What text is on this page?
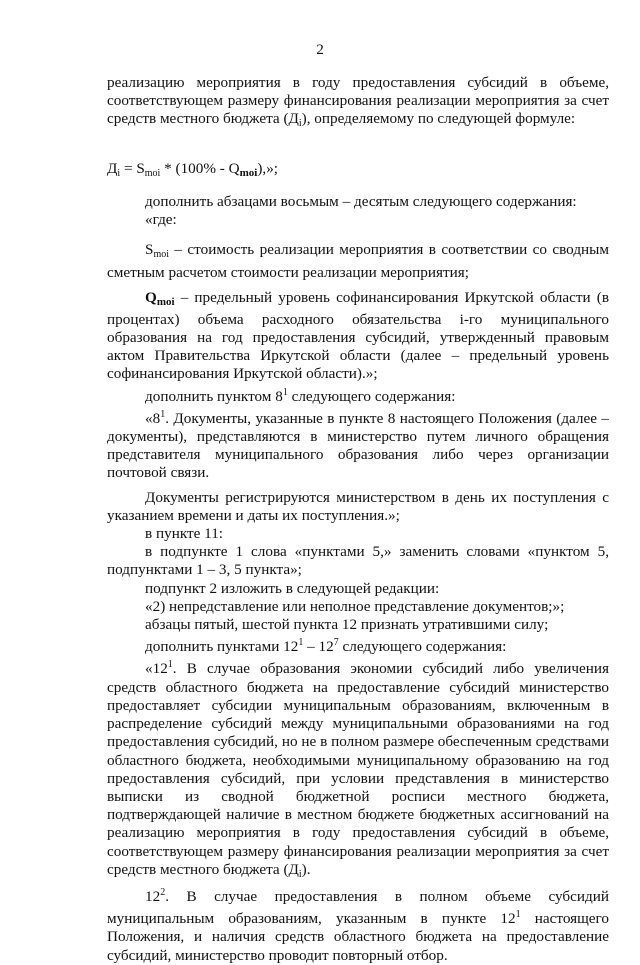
2

реализацию мероприятия в году предоставления субсидий в объеме, соответствующем размеру финансирования реализации мероприятия за счет средств местного бюджета $(Д_i)$, определяемому по следующей формуле:

$Д_i = S_{moi} * (100\%$ - Qmoi),»;

дополнить абзацами восьмым – десятым следующего содержания:

«где:

$S_{moi}$ – стоимость реализации мероприятия в соответствии со сводным сметным расчетом стоимости реализации мероприятия;

Qmoi – предельный уровень софинансирования Иркутской области (в процентах) объема расходного обязательства i-го муниципального образования на год предоставления субсидий, утвержденный правовым актом Правительства Иркутской области (далее – предельный уровень софинансирования Иркутской области).»;

дополнить пунктом $8^1$ следующего содержания:

«$8^1$. Документы, указанные в пункте 8 настоящего Положения (далее – документы), представляются в министерство путем личного обращения представителя муниципального образования либо через организации почтовой связи.

Документы регистрируются министерством в день их поступления с указанием времени и даты их поступления.»;

в пункте 11:

в подпункте 1 слова «пунктами 5,» заменить словами «пунктом 5, подпунктами 1 – 3, 5 пункта»;

подпункт 2 изложить в следующей редакции:

«2) непредставление или неполное представление документов;»;

абзацы пятый, шестой пункта 12 признать утратившими силу;

дополнить пунктами $12^1 - 12^7$ следующего содержания:

«$12^1$. В случае образования экономии субсидий либо увеличения средств областного бюджета на предоставление субсидий министерство предоставляет субсидии муниципальным образованиям, включенным в распределение субсидий между муниципальными образованиями на год предоставления субсидий, но не в полном размере обеспеченным средствами областного бюджета, необходимыми муниципальному образованию на год предоставления субсидий, при условии представления в министерство выписки из сводной бюджетной росписи местного бюджета, подтверждающей наличие в местном бюджете бюджетных ассигнований на реализацию мероприятия в году предоставления субсидий в объеме, соответствующем размеру финансирования реализации мероприятия за счет средств местного бюджета $(Д_i)$.

$12^2$. В случае предоставления в полном объеме субсидий муниципальным образованиям, указанным в пункте $12^1$ настоящего Положения, и наличия средств областного бюджета на предоставление субсидий, министерство проводит повторный отбор.
